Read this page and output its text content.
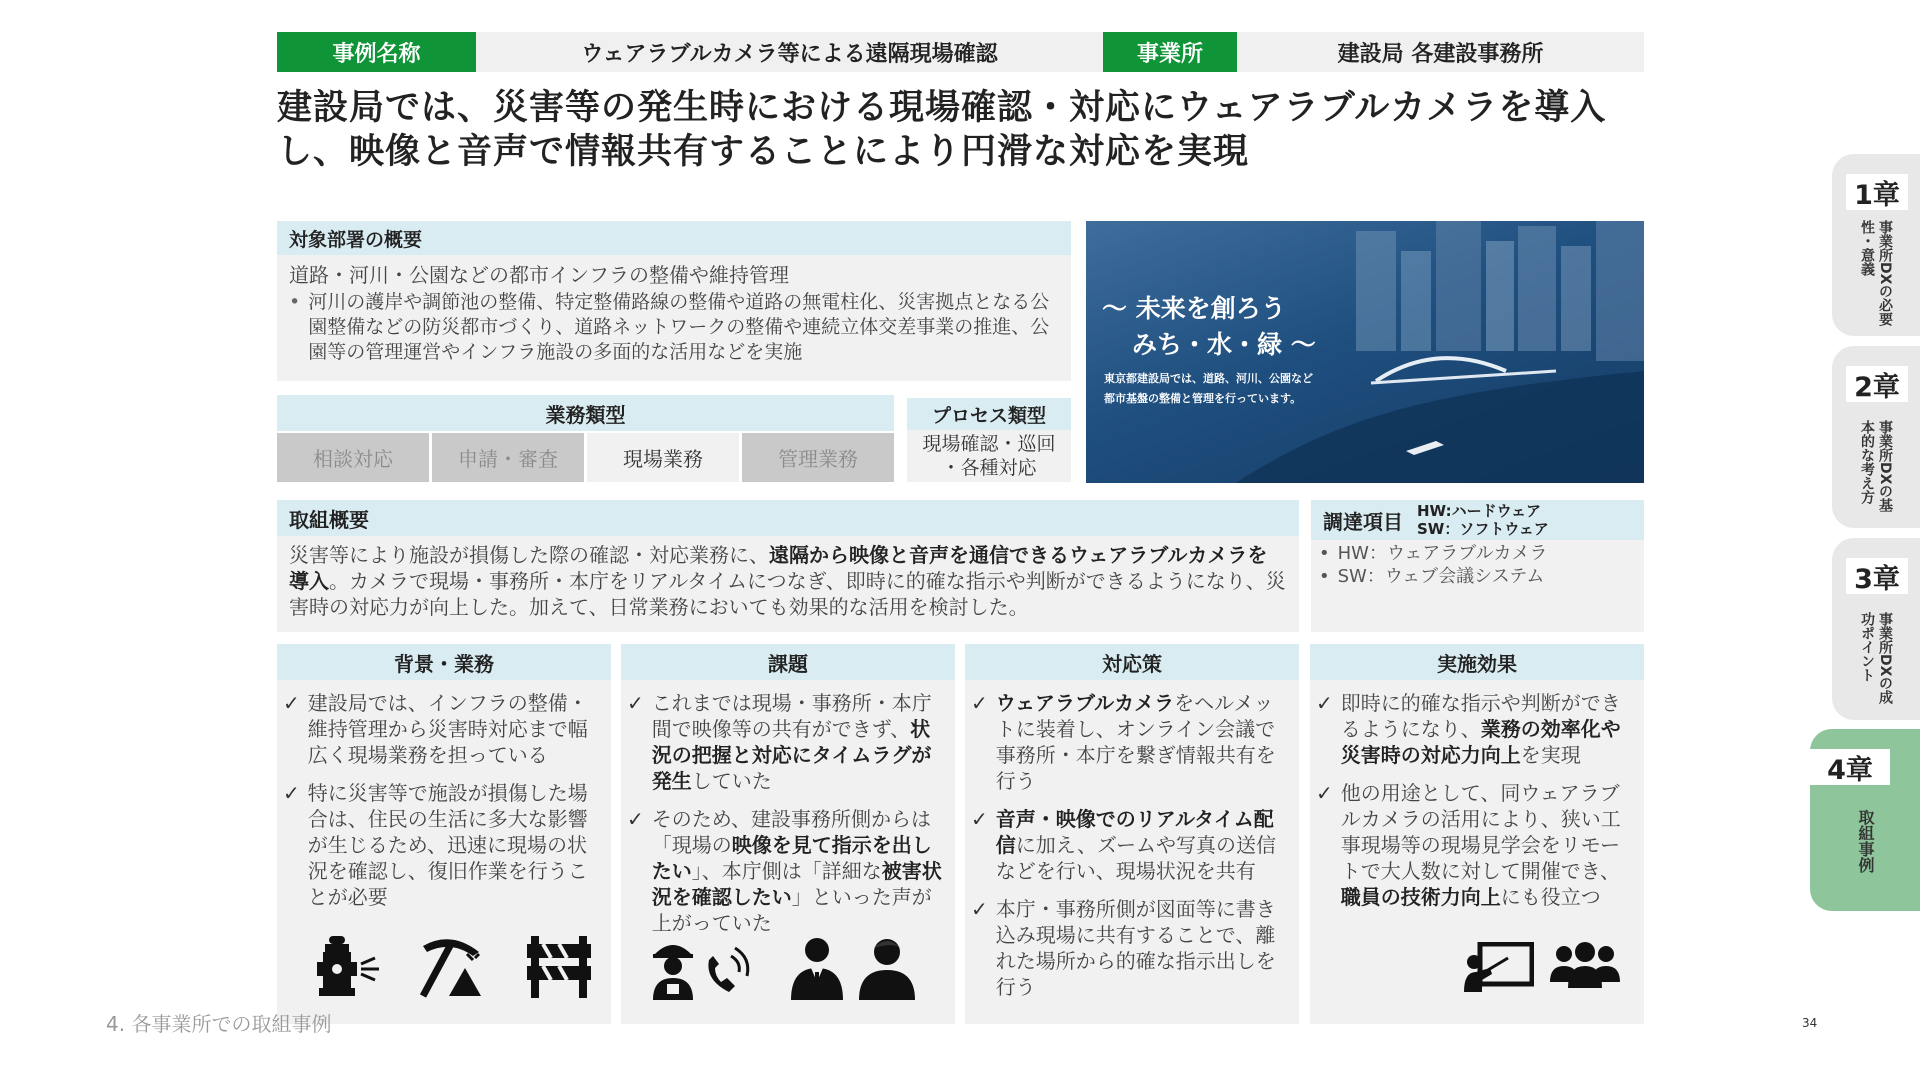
事例名称	ウェアラブルカメラ等による遠隔現場確認	事業所	建設局 各建設事務所
建設局では、災害等の発生時における現場確認・対応にウェアラブルカメラを導入
し、映像と音声で情報共有することにより円滑な対応を実現
対象部署の概要
道路・河川・公園などの都市インフラの整備や維持管理
• 河川の護岸や調節池の整備、特定整備路線の整備や道路の無電柱化、災害拠点となる公園整備などの防災都市づくり、道路ネットワークの整備や連続立体交差事業の推進、公園等の管理運営やインフラ施設の多面的な活用などを実施
業務類型
相談対応	申請・審査	現場業務	管理業務
プロセス類型
現場確認・巡回
・各種対応
～ 未来を創ろう
みち・水・緑 ～
東京都建設局では、道路、河川、公園など
都市基盤の整備と管理を行っています。
取組概要
災害等により施設が損傷した際の確認・対応業務に、遠隔から映像と音声を通信できるウェアラブルカメラを導入。カメラで現場・事務所・本庁をリアルタイムにつなぎ、即時に的確な指示や判断ができるようになり、災害時の対応力が向上した。加えて、日常業務においても効果的な活用を検討した。
調達項目 HW:ハードウェア
SW：ソフトウェア
• HW：ウェアラブルカメラ
• SW：ウェブ会議システム
背景・業務
✓ 建設局では、インフラの整備・維持管理から災害時対応まで幅広く現場業務を担っている
✓ 特に災害等で施設が損傷した場合は、住民の生活に多大な影響が生じるため、迅速に現場の状況を確認し、復旧作業を行うことが必要
課題
✓ これまでは現場・事務所・本庁間で映像等の共有ができず、状況の把握と対応にタイムラグが発生していた
✓ そのため、建設事務所側からは「現場の映像を見て指示を出したい」、本庁側は「詳細な被害状況を確認したい」といった声が上がっていた
対応策
✓ ウェアラブルカメラをヘルメットに装着し、オンライン会議で事務所・本庁を繋ぎ情報共有を行う
✓ 音声・映像でのリアルタイム配信に加え、ズームや写真の送信などを行い、現場状況を共有
✓ 本庁・事務所側が図面等に書き込み現場に共有することで、離れた場所から的確な指示出しを行う
実施効果
✓ 即時に的確な指示や判断ができるようになり、業務の効率化や災害時の対応力向上を実現
✓ 他の用途として、同ウェアラブルカメラの活用により、狭い工事現場等の現場見学会をリモートで大人数に対して開催でき、職員の技術力向上にも役立つ
4. 各事業所での取組事例	34
1章
事業所DXの必要性・意義
2章
事業所DXの基本的な考え方
3章
事業所DXの成功ポイント
4章
取組事例
